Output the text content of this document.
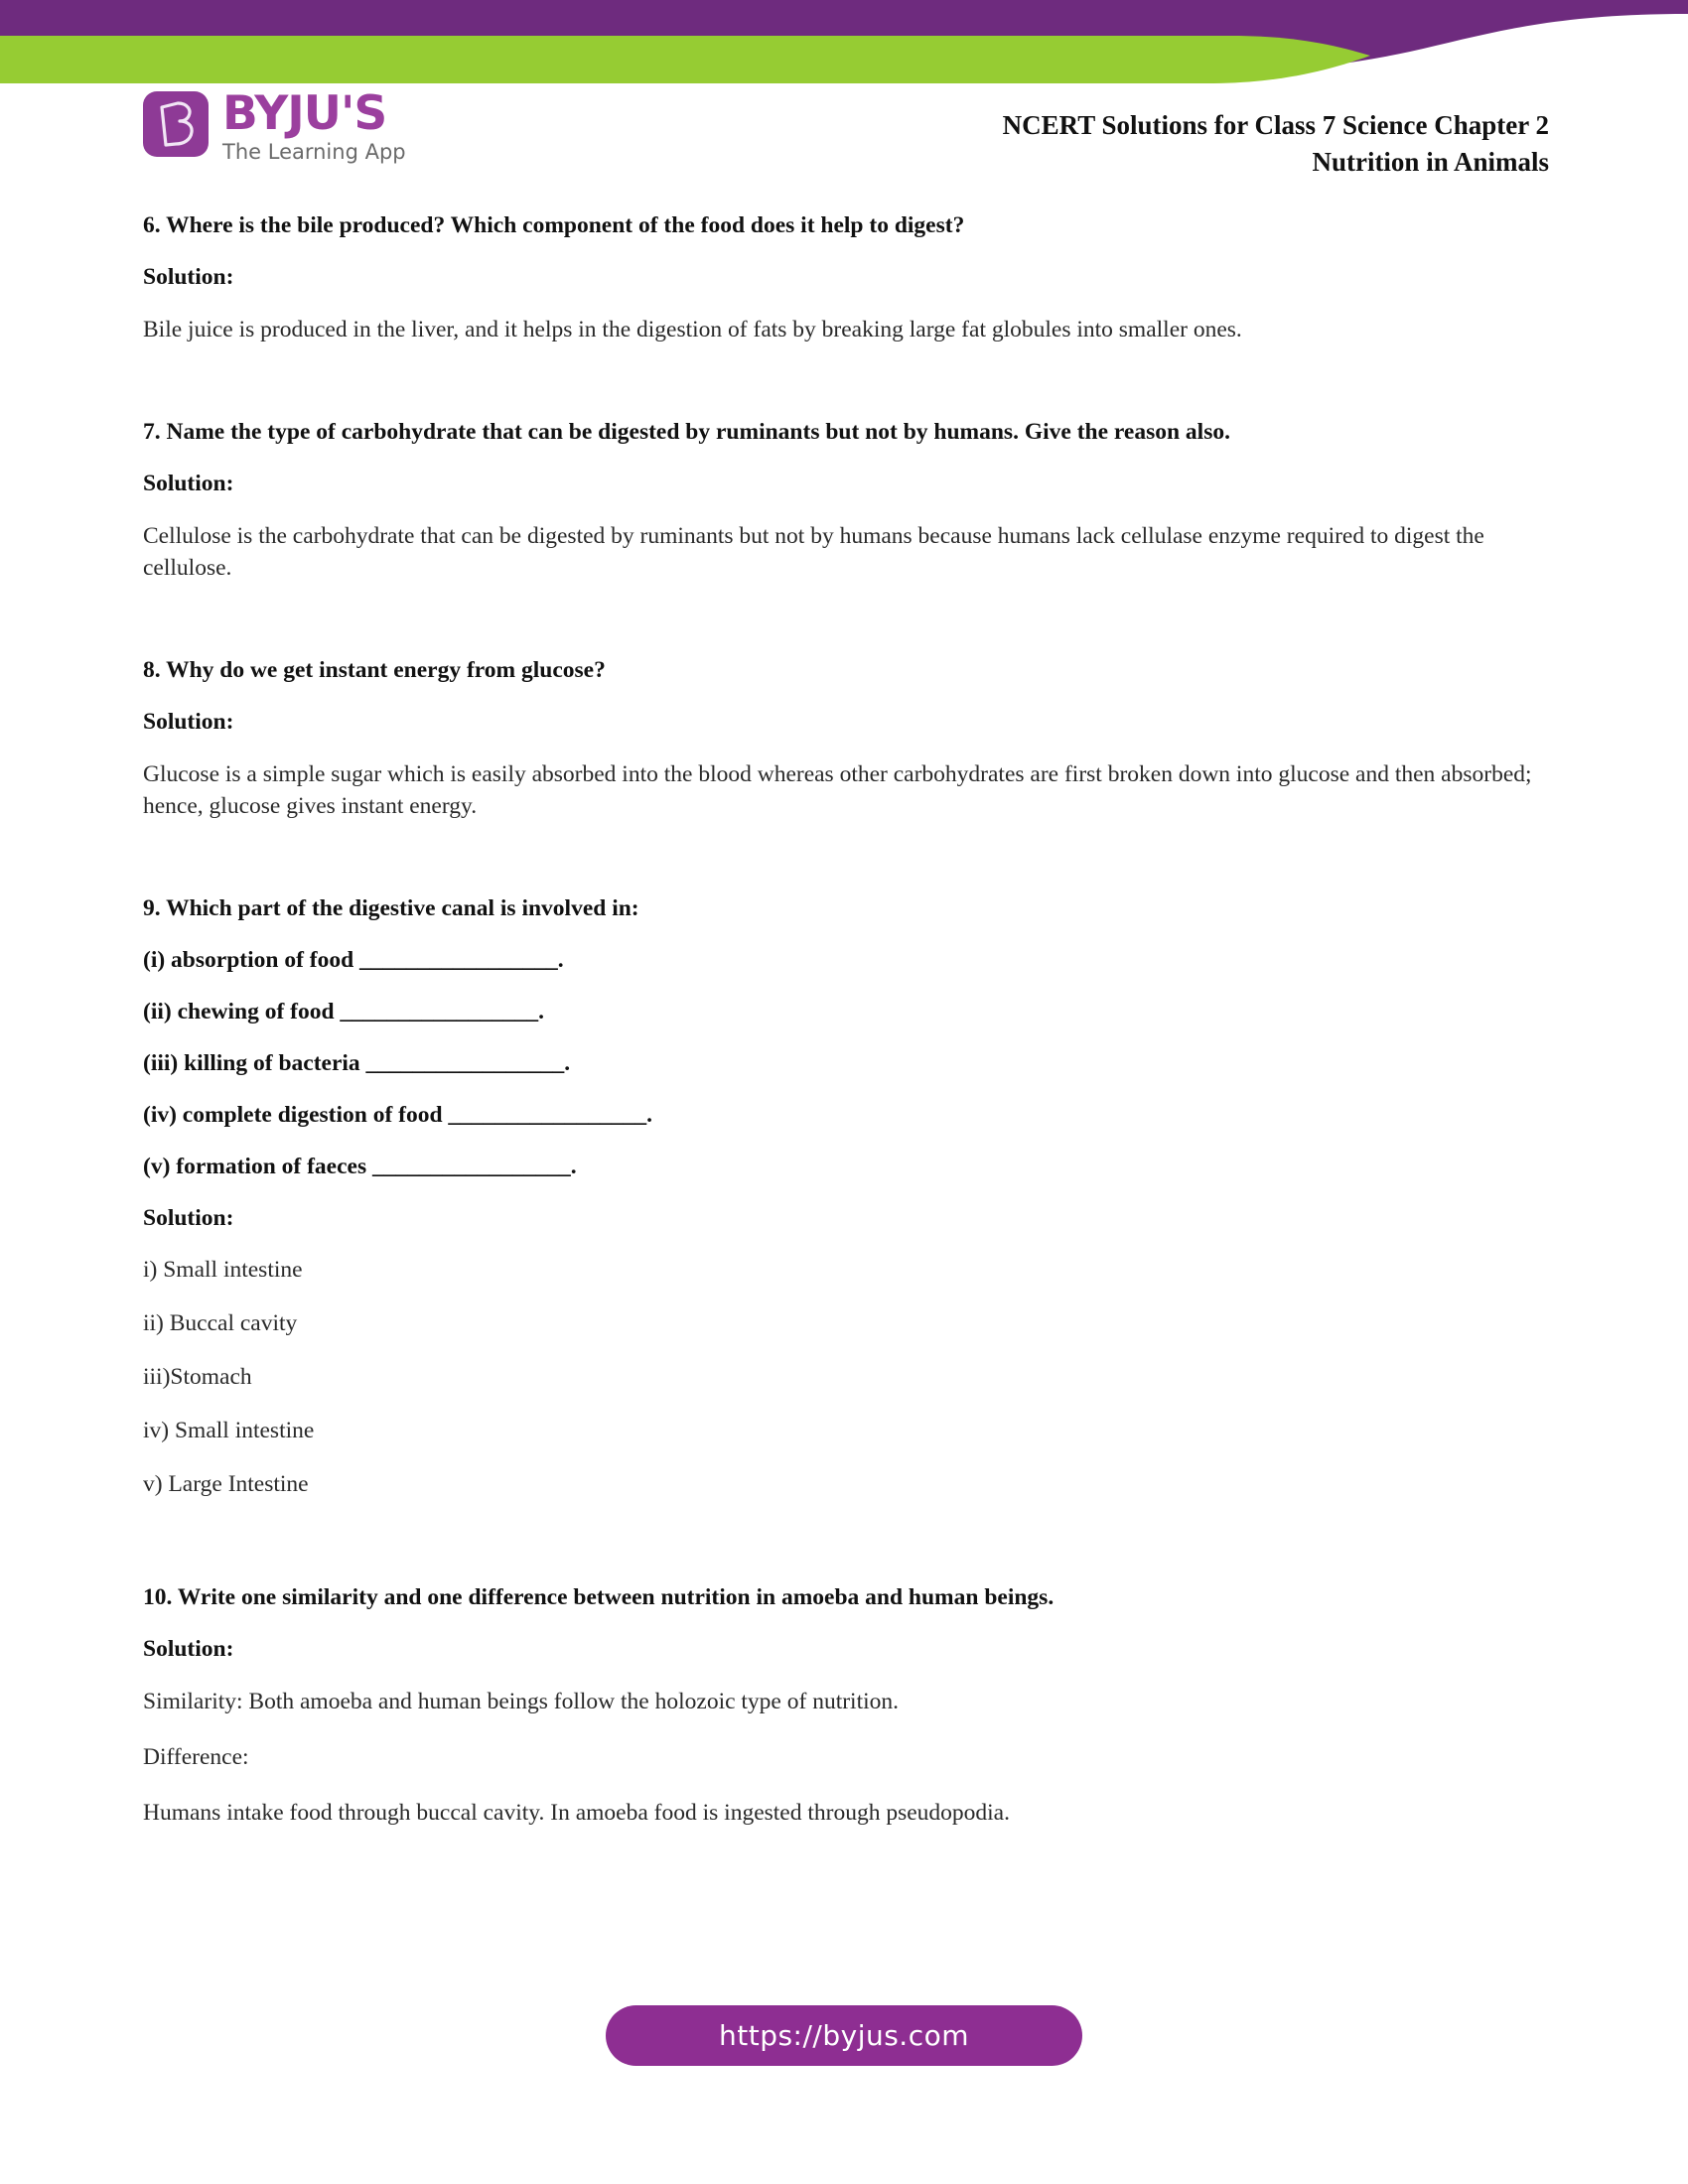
BYJU'S
The Learning App
NCERT Solutions for Class 7 Science Chapter 2
Nutrition in Animals

6. Where is the bile produced? Which component of the food does it help to digest?

Solution:

Bile juice is produced in the liver, and it helps in the digestion of fats by breaking large fat globules into smaller ones.

7. Name the type of carbohydrate that can be digested by ruminants but not by humans. Give the reason also.

Solution:

Cellulose is the carbohydrate that can be digested by ruminants but not by humans because humans lack cellulase enzyme required to digest the cellulose.

8. Why do we get instant energy from glucose?

Solution:

Glucose is a simple sugar which is easily absorbed into the blood whereas other carbohydrates are first broken down into glucose and then absorbed; hence, glucose gives instant energy.

9. Which part of the digestive canal is involved in:

(i) absorption of food _________________.

(ii) chewing of food _________________.

(iii) killing of bacteria _________________.

(iv) complete digestion of food _________________.

(v) formation of faeces _________________.

Solution:

i) Small intestine

ii) Buccal cavity

iii)Stomach

iv) Small intestine

v) Large Intestine

10. Write one similarity and one difference between nutrition in amoeba and human beings.

Solution:

Similarity: Both amoeba and human beings follow the holozoic type of nutrition.

Difference:

Humans intake food through buccal cavity. In amoeba food is ingested through pseudopodia.

https://byjus.com
